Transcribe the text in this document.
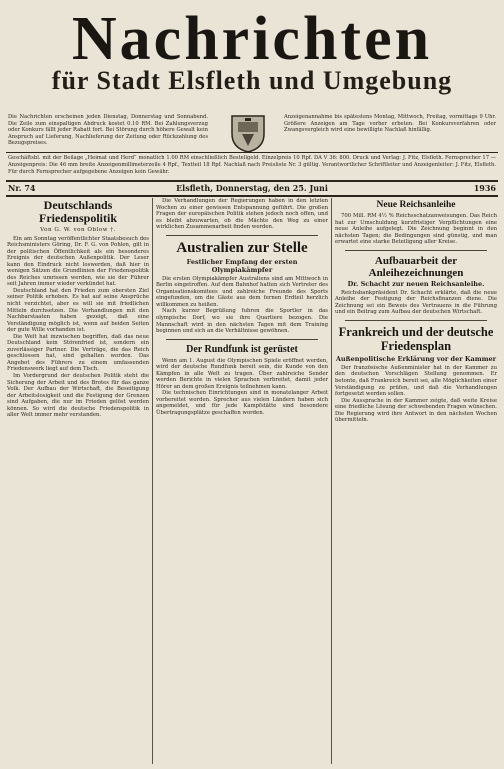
Nachrichten
für Stadt Elsfleth und Umgebung
Die Nachrichten erscheinen jeden Dienstag, Donnerstag und Sonnabend. Die Zeile zum einspaltigen Abdruck kostet 0.10 RM. Bei Zahlungsverzug oder Konkurs fällt jeder Rabatt fort. Bei Störung durch höhere Gewalt kein Anspruch auf Lieferung, Nachlieferung der Zeitung oder Rückzahlung des Bezugspreises.
Anzeigenannahme bis spätestens Montag, Mittwoch, Freitag, vormittags 9 Uhr. Größere Anzeigen am Tage vorher erbeten. Bei Konkursverfahren oder Zwangsvergleich wird eine bewilligte Nachlaß hinfällig.
Geschäftsbl. mit der Beilage „Heimat und Herd“ monatlich 1.00 RM einschließlich Bestellgeld. Einzelpreis 10 Rpf. DA V 36: 800. Druck und Verlag: J. Fitz, Elsfleth. Fernsprecher 17 — Anzeigenpreis: Die 46 mm breite Anzeigenmillimeterzeile 4 Rpf., Textteil 18 Rpf. Nachlaß nach Preisliste Nr. 3 gültig. Verantwortlicher Schriftleiter und Anzeigenleiter: J. Fitz, Elsfleth. Für durch Fernsprecher aufgegebene Anzeigen kein Gewähr.
Nr. 74	Elsfleth, Donnerstag, den 25. Juni	1936
Deutschlands Friedenspolitik
Von G. W. von Oblow †.

Ein am Sonntag veröffentlichter Staatsbesuch des Reichsministers Göring, Dr. F. G. von Pohlen, gilt in der politischen Öffentlichkeit als ein besonderes Ereignis der deutschen Außenpolitik. Der Leser kann den Eindruck nicht loswerden, daß hier in wenigen Sätzen die Grundlinien der Friedenspolitik des Reiches umrissen werden, wie sie der Führer seit Jahren immer wieder verkündet hat.

Deutschland hat den Frieden zum obersten Ziel seiner Politik erhoben. Es hat auf seine Ansprüche nicht verzichtet, aber es will sie mit friedlichen Mitteln durchsetzen. Die Verhandlungen mit den Nachbarstaaten haben gezeigt, daß eine Verständigung möglich ist, wenn auf beiden Seiten der gute Wille vorhanden ist.

Die Welt hat inzwischen begriffen, daß das neue Deutschland kein Störenfried ist, sondern ein zuverlässiger Partner. Die Verträge, die das Reich geschlossen hat, sind gehalten worden. Das Angebot des Führers zu einem umfassenden Friedenswerk liegt auf dem Tisch.

Im Vordergrund der deutschen Politik steht die Sicherung der Arbeit und des Brotes für das ganze Volk. Der Aufbau der Wirtschaft, die Beseitigung der Arbeitslosigkeit und die Festigung der Grenzen sind Aufgaben, die nur im Frieden gelöst werden können. So wird die deutsche Friedenspolitik in aller Welt immer mehr verstanden.

Die Verhandlungen der Regierungen haben in den letzten Wochen zu einer gewissen Entspannung geführt. Die großen Fragen der europäischen Politik stehen jedoch noch offen, und es bleibt abzuwarten, ob die Mächte den Weg zu einer wirklichen Zusammenarbeit finden werden.

Australien zur Stelle
Festlicher Empfang der ersten Olympiakämpfer

Die ersten Olympiakämpfer Australiens sind am Mittwoch in Berlin eingetroffen. Auf dem Bahnhof hatten sich Vertreter des Organisationskomitees und zahlreiche Freunde des Sports eingefunden, um die Gäste aus dem fernen Erdteil herzlich willkommen zu heißen.

Nach kurzer Begrüßung fuhren die Sportler in das olympische Dorf, wo sie ihre Quartiere bezogen. Die Mannschaft wird in den nächsten Tagen mit dem Training beginnen und sich an die Verhältnisse gewöhnen.

Der Rundfunk ist gerüstet

Wenn am 1. August die Olympischen Spiele eröffnet werden, wird der deutsche Rundfunk bereit sein, die Kunde von den Kämpfen in alle Welt zu tragen. Über zahlreiche Sender werden Berichte in vielen Sprachen verbreitet, damit jeder Hörer an dem großen Ereignis teilnehmen kann.

Die technischen Einrichtungen sind in monatelanger Arbeit vorbereitet worden. Sprecher aus vielen Ländern haben sich angemeldet, und für jede Kampfstätte sind besondere Übertragungsplätze geschaffen worden.

Neue Reichsanleihe

700 Mill. RM 4½ % Reichsschatzanweisungen. Das Reich hat zur Umschuldung kurzfristiger Verpflichtungen eine neue Anleihe aufgelegt. Die Zeichnung beginnt in den nächsten Tagen; die Bedingungen sind günstig, und man erwartet eine starke Beteiligung aller Kreise.

Aufbauarbeit der Anleihezeichnungen
Dr. Schacht zur neuen Reichsanleihe.

Reichsbankpräsident Dr. Schacht erklärte, daß die neue Anleihe der Festigung der Reichsfinanzen diene. Die Zeichnung sei ein Beweis des Vertrauens in die Führung und ein Beitrag zum Aufbau der deutschen Wirtschaft.

Frankreich und der deutsche Friedensplan
Außenpolitische Erklärung vor der Kammer

Der französische Außenminister hat in der Kammer zu den deutschen Vorschlägen Stellung genommen. Er betonte, daß Frankreich bereit sei, alle Möglichkeiten einer Verständigung zu prüfen, und daß die Verhandlungen fortgesetzt werden sollen.

Die Aussprache in der Kammer zeigte, daß weite Kreise eine friedliche Lösung der schwebenden Fragen wünschen. Die Regierung wird ihre Antwort in den nächsten Wochen übermitteln.
